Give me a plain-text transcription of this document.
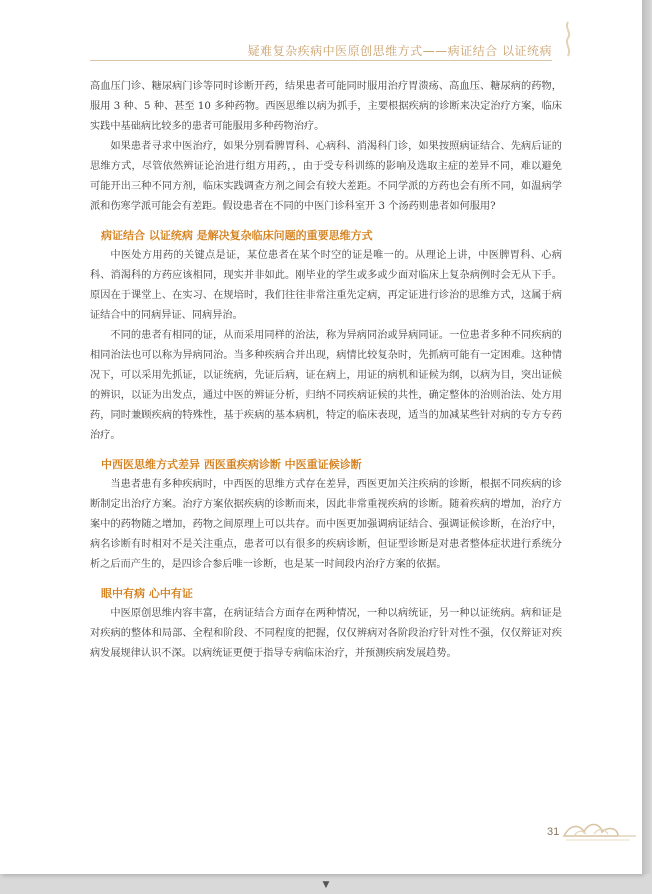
疑难复杂疾病中医原创思维方式——病证结合 以证统病

高血压门诊、糖尿病门诊等同时诊断开药，结果患者可能同时服用治疗胃溃疡、高血压、糖尿病的药物，服用 3 种、5 种、甚至 10 多种药物。西医思维以病为抓手，主要根据疾病的诊断来决定治疗方案，临床实践中基础病比较多的患者可能服用多种药物治疗。

如果患者寻求中医治疗，如果分别看脾胃科、心病科、消渴科门诊，如果按照病证结合、先病后证的思维方式，尽管依然辨证论治进行组方用药，，由于受专科训练的影响及选取主症的差异不同，难以避免可能开出三种不同方剂，临床实践调查方剂之间会有较大差距。不同学派的方药也会有所不同，如温病学派和伤寒学派可能会有差距。假设患者在不同的中医门诊科室开 3 个汤药则患者如何服用?

病证结合 以证统病 是解决复杂临床问题的重要思维方式

中医处方用药的关键点是证，某位患者在某个时空的证是唯一的。从理论上讲，中医脾胃科、心病科、消渴科的方药应该相同，现实并非如此。刚毕业的学生或多或少面对临床上复杂病例时会无从下手。原因在于课堂上、在实习、在规培时，我们往往非常注重先定病，再定证进行诊治的思维方式，这属于病证结合中的同病异证、同病异治。

不同的患者有相同的证，从而采用同样的治法，称为异病同治或异病同证。一位患者多种不同疾病的相同治法也可以称为异病同治。当多种疾病合并出现，病情比较复杂时，先抓病可能有一定困难。这种情况下，可以采用先抓证，以证统病，先证后病，证在病上，用证的病机和证候为纲，以病为目，突出证候的辨识，以证为出发点，通过中医的辨证分析，归纳不同疾病证候的共性，确定整体的治则治法、处方用药，同时兼顾疾病的特殊性，基于疾病的基本病机，特定的临床表现，适当的加减某些针对病的专方专药治疗。

中西医思维方式差异 西医重疾病诊断 中医重证候诊断

当患者患有多种疾病时，中西医的思维方式存在差异，西医更加关注疾病的诊断，根据不同疾病的诊断制定出治疗方案。治疗方案依据疾病的诊断而来，因此非常重视疾病的诊断。随着疾病的增加，治疗方案中的药物随之增加，药物之间原理上可以共存。而中医更加强调病证结合、强调证候诊断，在治疗中，病名诊断有时相对不是关注重点，患者可以有很多的疾病诊断，但证型诊断是对患者整体症状进行系统分析之后而产生的，是四诊合参后唯一诊断，也是某一时间段内治疗方案的依据。

眼中有病 心中有证

中医原创思维内容丰富，在病证结合方面存在两种情况，一种以病统证，另一种以证统病。病和证是对疾病的整体和局部、全程和阶段、不同程度的把握，仅仅辨病对各阶段治疗针对性不强，仅仅辩证对疾病发展规律认识不深。以病统证更便于指导专病临床治疗，并预测疾病发展趋势。

31
▼
